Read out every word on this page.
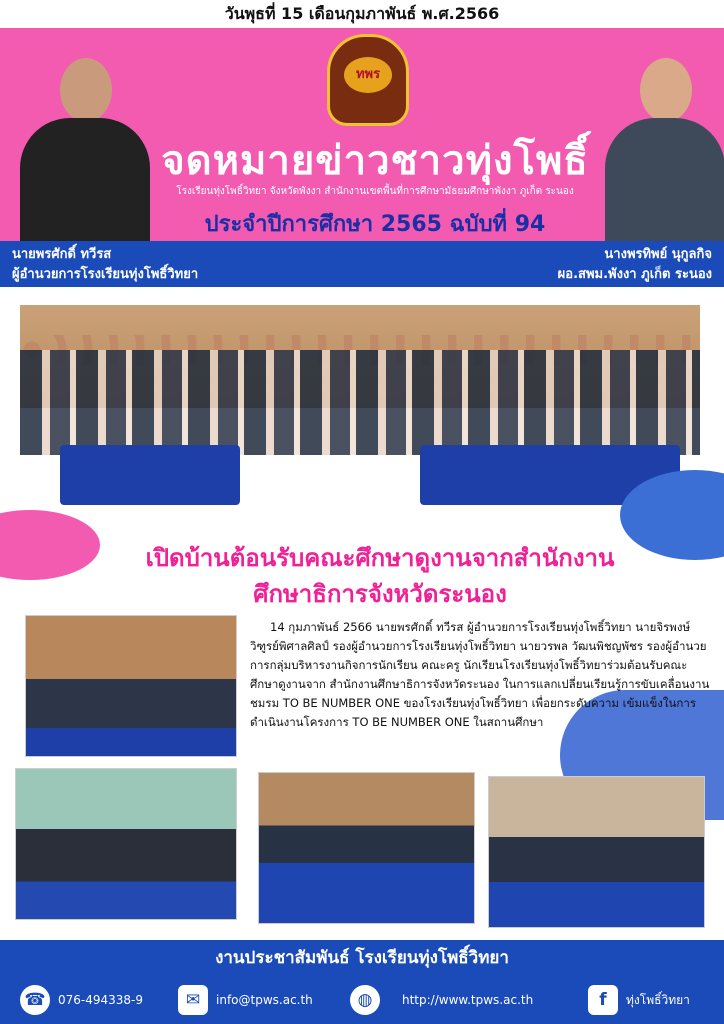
วันพุธที่ 15 เดือนกุมภาพันธ์ พ.ศ.2566
ทพร
จดหมายข่าวชาวทุ่งโพธิ์
โรงเรียนทุ่งโพธิ์วิทยา จังหวัดพังงา สำนักงานเขตพื้นที่การศึกษามัธยมศึกษาพังงา ภูเก็ต ระนอง
ประจำปีการศึกษา 2565 ฉบับที่ 94
นายพรศักดิ์ ทวีรส
ผู้อำนวยการโรงเรียนทุ่งโพธิ์วิทยา
นางพรทิพย์ นุกูลกิจ
ผอ.สพม.พังงา ภูเก็ต ระนอง
เปิดบ้านต้อนรับคณะศึกษาดูงานจากสำนักงาน
ศึกษาธิการจังหวัดระนอง

14 กุมภาพันธ์ 2566 นายพรศักดิ์ ทวีรส ผู้อำนวยการโรงเรียนทุ่งโพธิ์วิทยา นายจิรพงษ์ วิฑูรย์พิศาลศิลป์ รองผู้อำนวยการโรงเรียนทุ่งโพธิ์วิทยา นายวรพล วัฒนพิชญพัชร รองผู้อำนวยการกลุ่มบริหารงานกิจการนักเรียน คณะครู นักเรียนโรงเรียนทุ่งโพธิ์วิทยาร่วมต้อนรับคณะศึกษาดูงานจาก สำนักงานศึกษาธิการจังหวัดระนอง ในการแลกเปลี่ยนเรียนรู้การขับเคลื่อนงาน ชมรม TO BE NUMBER ONE ของโรงเรียนทุ่งโพธิ์วิทยา เพื่อยกระดับความ เข้มแข็งในการดำเนินงานโครงการ TO BE NUMBER ONE ในสถานศึกษา

งานประชาสัมพันธ์ โรงเรียนทุ่งโพธิ์วิทยา
☎	076-494338-9	✉	info@tpws.ac.th	◍	http://www.tpws.ac.th	f	ทุ่งโพธิ์วิทยา
